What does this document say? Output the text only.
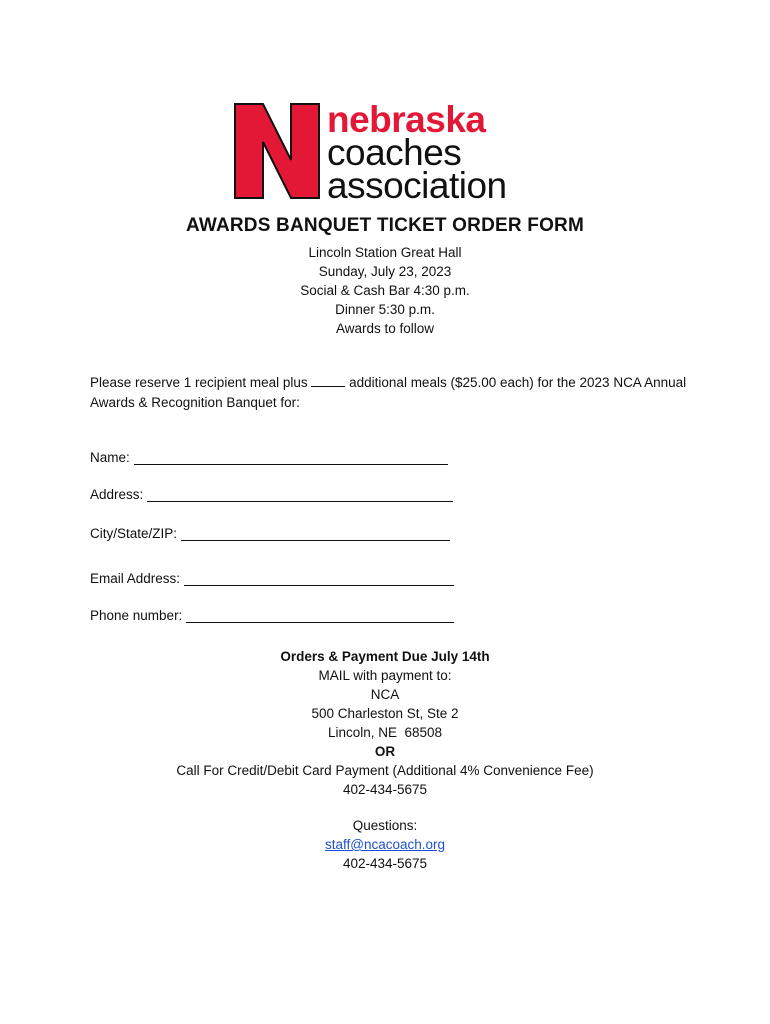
nebraska
coaches
association
AWARDS BANQUET TICKET ORDER FORM
Lincoln Station Great Hall
Sunday, July 23, 2023
Social & Cash Bar 4:30 p.m.
Dinner 5:30 p.m.
Awards to follow
Please reserve 1 recipient meal plus	additional meals ($25.00 each) for the 2023 NCA Annual Awards & Recognition Banquet for:
Name:
Address:
City/State/ZIP:
Email Address:
Phone number:
Orders & Payment Due July 14th
MAIL with payment to:
NCA
500 Charleston St, Ste 2
Lincoln, NE  68508
OR
Call For Credit/Debit Card Payment (Additional 4% Convenience Fee)
402-434-5675
Questions:
staff@ncacoach.org
402-434-5675
